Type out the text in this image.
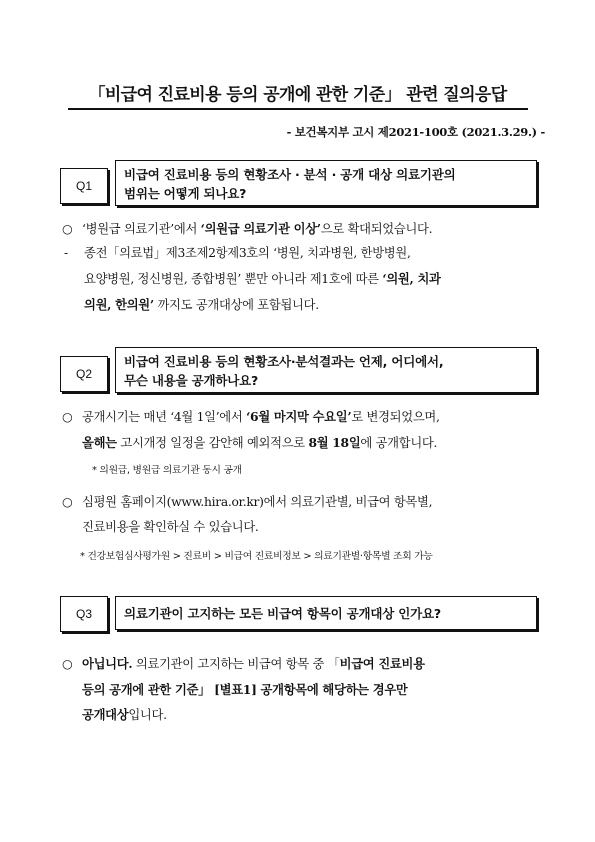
「비급여 진료비용 등의 공개에 관한 기준」 관련 질의응답
- 보건복지부 고시 제2021-100호 (2021.3.29.) -
Q1
비급여 진료비용 등의 현황조사 · 분석 · 공개 대상 의료기관의
범위는 어떻게 되나요?
○ ‘병원급 의료기관’에서 ‘의원급 의료기관 이상’으로 확대되었습니다.
- 종전「의료법」제3조제2항제3호의 ‘병원, 치과병원, 한방병원,
요양병원, 정신병원, 종합병원’ 뿐만 아니라 제1호에 따른 ‘의원, 치과
의원, 한의원’ 까지도 공개대상에 포함됩니다.
Q2
비급여 진료비용 등의 현황조사·분석결과는 언제, 어디에서,
무슨 내용을 공개하나요?
○ 공개시기는 매년 ‘4월 1일’에서 ‘6월 마지막 수요일’로 변경되었으며,
올해는 고시개정 일정을 감안해 예외적으로 8월 18일에 공개합니다.
* 의원급, 병원급 의료기관 동시 공개
○ 심평원 홈페이지(www.hira.or.kr)에서 의료기관별, 비급여 항목별,
진료비용을 확인하실 수 있습니다.
* 건강보험심사평가원 > 진료비 > 비급여 진료비정보 > 의료기관별·항목별 조회 가능
Q3	의료기관이 고지하는 모든 비급여 항목이 공개대상 인가요?
○ 아닙니다. 의료기관이 고지하는 비급여 항목 중 「비급여 진료비용
등의 공개에 관한 기준」 [별표1] 공개항목에 해당하는 경우만
공개대상입니다.
